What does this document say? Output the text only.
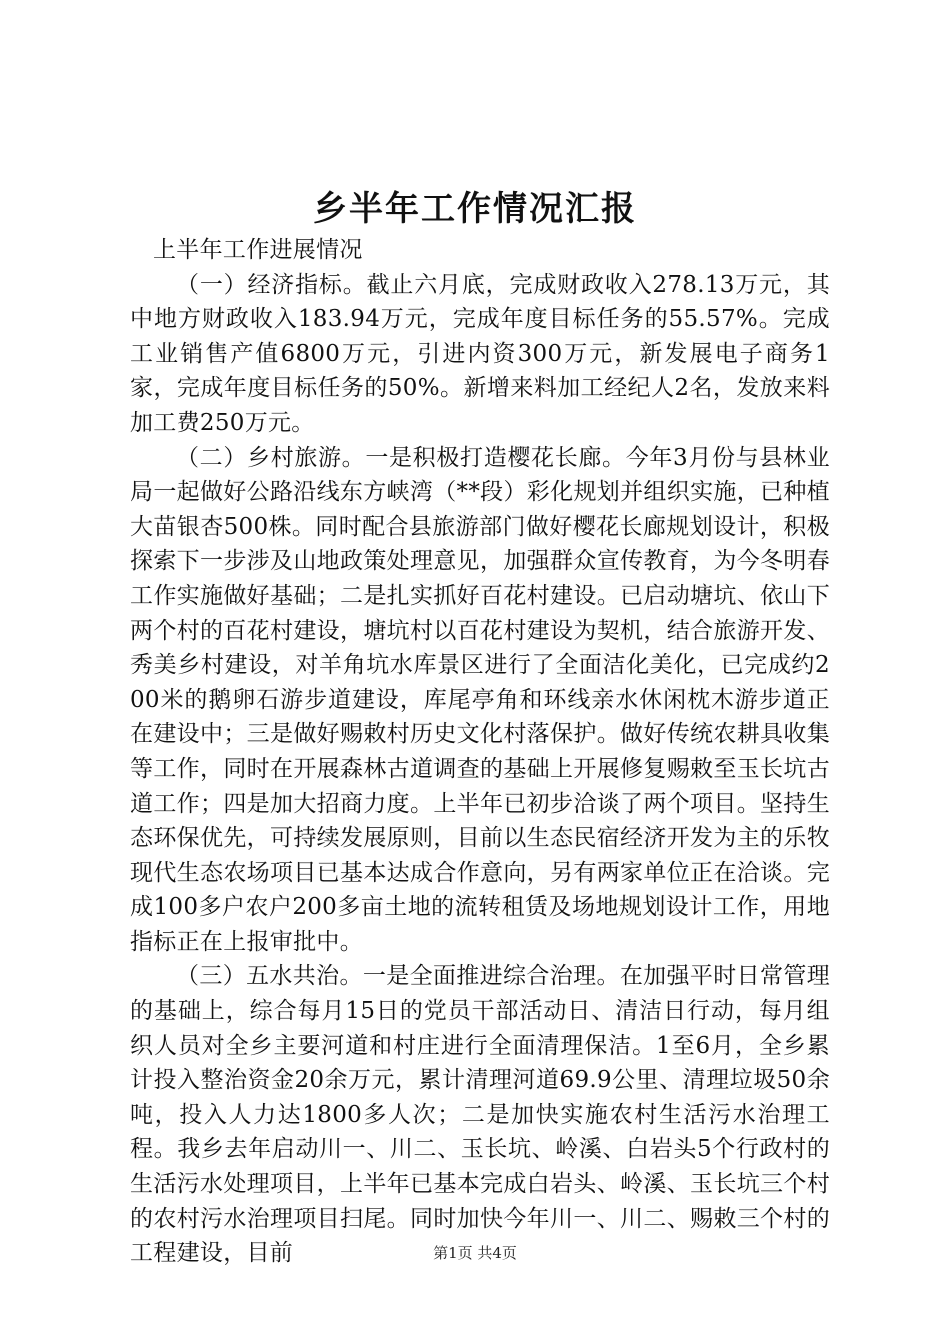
乡半年工作情况汇报

上半年工作进展情况

（一）经济指标。截止六月底，完成财政收入278.13万元，其中地方财政收入183.94万元，完成年度目标任务的55.57%。完成工业销售产值6800万元，引进内资300万元，新发展电子商务1家，完成年度目标任务的50%。新增来料加工经纪人2名，发放来料加工费250万元。

（二）乡村旅游。一是积极打造樱花长廊。今年3月份与县林业局一起做好公路沿线东方峡湾（**段）彩化规划并组织实施，已种植大苗银杏500株。同时配合县旅游部门做好樱花长廊规划设计，积极探索下一步涉及山地政策处理意见，加强群众宣传教育，为今冬明春工作实施做好基础；二是扎实抓好百花村建设。已启动塘坑、依山下两个村的百花村建设，塘坑村以百花村建设为契机，结合旅游开发、秀美乡村建设，对羊角坑水库景区进行了全面洁化美化，已完成约200米的鹅卵石游步道建设，库尾亭角和环线亲水休闲枕木游步道正在建设中；三是做好赐敕村历史文化村落保护。做好传统农耕具收集等工作，同时在开展森林古道调查的基础上开展修复赐敕至玉长坑古道工作；四是加大招商力度。上半年已初步洽谈了两个项目。坚持生态环保优先，可持续发展原则，目前以生态民宿经济开发为主的乐牧现代生态农场项目已基本达成合作意向，另有两家单位正在洽谈。完成100多户农户200多亩土地的流转租赁及场地规划设计工作，用地指标正在上报审批中。

（三）五水共治。一是全面推进综合治理。在加强平时日常管理的基础上，综合每月15日的党员干部活动日、清洁日行动，每月组织人员对全乡主要河道和村庄进行全面清理保洁。1至6月，全乡累计投入整治资金20余万元，累计清理河道69.9公里、清理垃圾50余吨，投入人力达1800多人次；二是加快实施农村生活污水治理工程。我乡去年启动川一、川二、玉长坑、岭溪、白岩头5个行政村的生活污水处理项目，上半年已基本完成白岩头、岭溪、玉长坑三个村的农村污水治理项目扫尾。同时加快今年川一、川二、赐敕三个村的工程建设，目前	第1页 共4页
